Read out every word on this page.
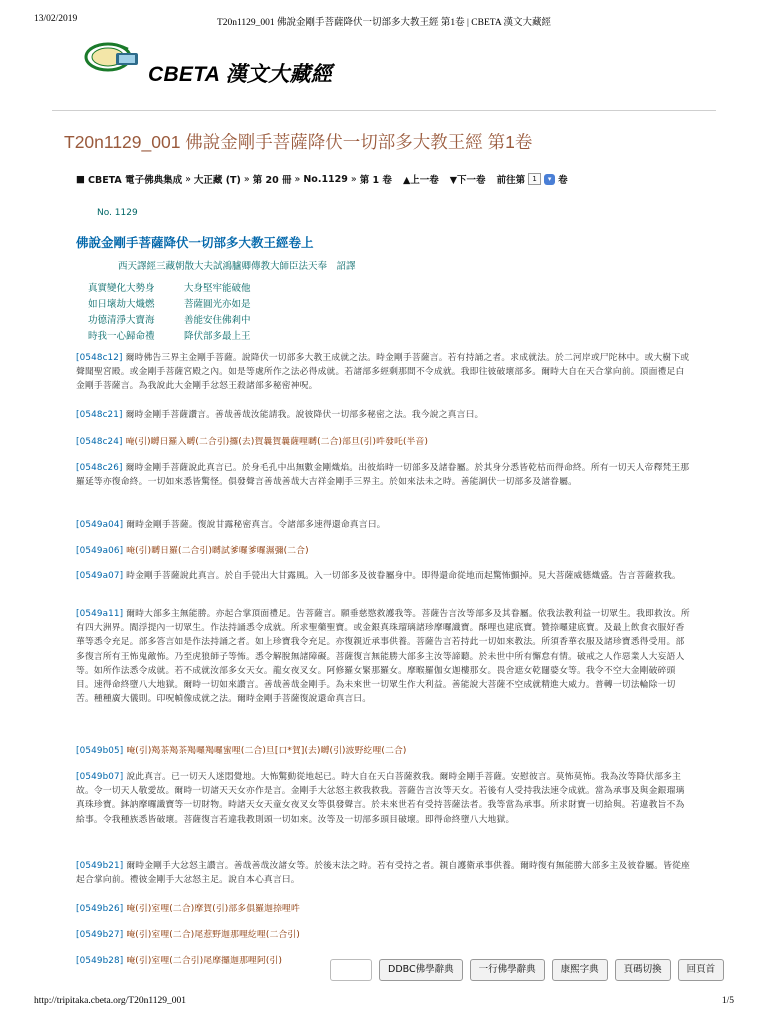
13/02/2019	T20n1129_001 佛說金剛手菩薩降伏一切部多大教王經 第1卷 | CBETA 漢文大藏經
CBETA 漢文大藏經
T20n1129_001 佛說金剛手菩薩降伏一切部多大教王經 第1卷
■ CBETA 電子佛典集成 » 大正藏 (T) » 第 20 冊 » No.1129 » 第 1 卷 ▲上一卷 ▼下一卷 前往第	1	▾ 卷
No. 1129
佛說金剛手菩薩降伏一切部多大教王經卷上
西天譯經三藏朝散大夫試鴻臚卿傳教大師臣法天奉　詔譯
真實變化大勢身	大身堅牢能破他
如日壞劫大熾燃	菩薩圓光亦如是
功德清淨大寶海	善能安住佛剎中
時我一心歸命禮	降伏部多最上王

[0548c12] 爾時佛告三界主金剛手菩薩。說降伏一切部多大教王成就之法。時金剛手菩薩言。若有持誦之者。求成就法。於二河岸或尸陀林中。或大樹下或聲聞聖宮殿。或金剛手菩薩宮殿之內。如是等處所作之法必得成就。若諸部多經剩那間不令成就。我即往彼破壞部多。爾時大自在天合掌向前。頂面禮足白金剛手菩薩言。為我說此大金剛手忿怒王殺諸部多秘密神呪。

[0548c21] 爾時金剛手菩薩讚言。善哉善哉汝能請我。說彼降伏一切部多秘密之法。我今說之真言曰。

[0548c24] 唵(引)嚩日羅入嚩(二合引)攞(去)賀曩賀曩薩哩嚩(二合)部旦(引)吽發吒(半音)

[0548c26] 爾時金剛手菩薩說此真言已。於身毛孔中出無數金剛熾焰。出彼焰時一切部多及諸眷屬。於其身分悉皆乾枯而得命終。所有一切天人帝釋梵王那羅延等亦復命終。一切如來悉皆驚怪。俱發聲言善哉善哉大吉祥金剛手三界主。於如來法未之時。善能調伏一切部多及諸眷屬。

[0549a04] 爾時金剛手菩薩。復說甘露秘密真言。令諸部多速得還命真言曰。

[0549a06] 唵(引)嚩日羅(二合引)嚩試爹囉爹囉濕彌(二合)

[0549a07] 時金剛手菩薩說此真言。於自手甇出大甘露風。入一切部多及彼眷屬身中。即得還命從地而起驚怖顫掉。見大菩薩威德熾盛。告言菩薩救我。

[0549a11] 爾時大部多主無能勝。亦起合掌頂面禮足。告菩薩言。願垂慈愍救護我等。菩薩告言汝等部多及其眷屬。依我法教利益一切眾生。我即救汝。所有四大洲界。閻浮提內一切眾生。作法持誦悉令成就。所求聖藥聖寶。或金銀真珠瑠璃諸珍摩囉識寶。酥哩也建底寶。贊捺囉建底寶。及最上飲食衣服好香華等悉令充足。部多答言如是作法持誦之者。如上珍寶我令充足。亦復親近承事供養。菩薩告言若持此一切如來教法。所須香華衣服及諸珍寶悉得受用。部多復言所有王怖鬼敵怖。乃至虎狼師子等怖。悉令解脫無諸障礙。菩薩復言無能勝大部多主汝等諦聽。於未世中所有懈怠有情。破戒之人作惡業人大妄語人等。如所作法悉令成就。若不成就汝部多女天女。龍女夜叉女。阿修羅女緊那羅女。摩睺羅伽女迦樓那女。畏舍遮女乾闥婆女等。我令不空大金剛破碎頭目。速得命終墮八大地獄。爾時一切如來讚言。善哉善哉金剛手。為未來世一切眾生作大利益。善能說大菩薩不空成就精進大威力。普轉一切法輪除一切苦。種種廣大儀則。印呪幀像成就之法。爾時金剛手菩薩復說還命真言曰。

[0549b05] 唵(引)羯茶羯茶羯囉羯囉蜜哩(二合)旦[口*賀](去)嚩(引)波野紇哩(二合)

[0549b07] 說此真言。已一切天人迷悶覺地。大怖驚動從地起已。時大自在天白菩薩救我。爾時金剛手菩薩。安慰彼言。莫怖莫怖。我為汝等降伏部多主故。令一切天人敬愛故。爾時一切諸天天女亦作是言。金剛手大忿怒主救我救我。菩薩告言汝等天女。若後有人受持我法速令成就。當為承事及與金銀瑠璃真珠珍寶。鉢訥摩囉識寶等一切財物。時諸天女天童女夜叉女等俱發聲言。於未來世若有受持菩薩法者。我等當為承事。所求財寶一切給與。若違教旨不為給事。令我種族悉皆破壞。菩薩復言若違我教則頭一切如來。汝等及一切部多頭目破壞。即得命終墮八大地獄。

[0549b21] 爾時金剛手大忿怒主讚言。善哉善哉汝諸女等。於後末法之時。若有受持之者。親自護衛承事供養。爾時復有無能勝大部多主及彼眷屬。皆從座起合掌向前。禮彼金剛手大忿怒主足。說自本心真言曰。

[0549b26] 唵(引)室哩(二合)摩賀(引)部多俱羅迦捺哩吽

[0549b27] 唵(引)室哩(二合)尾惹野迦那哩紇哩(二合引)

[0549b28] 唵(引)室哩(二合引)尾摩攞迦那哩阿(引)

DDBC佛學辭典	一行佛學辭典	康熙字典	頁碼切換	回頁首
http://tripitaka.cbeta.org/T20n1129_001	1/5
